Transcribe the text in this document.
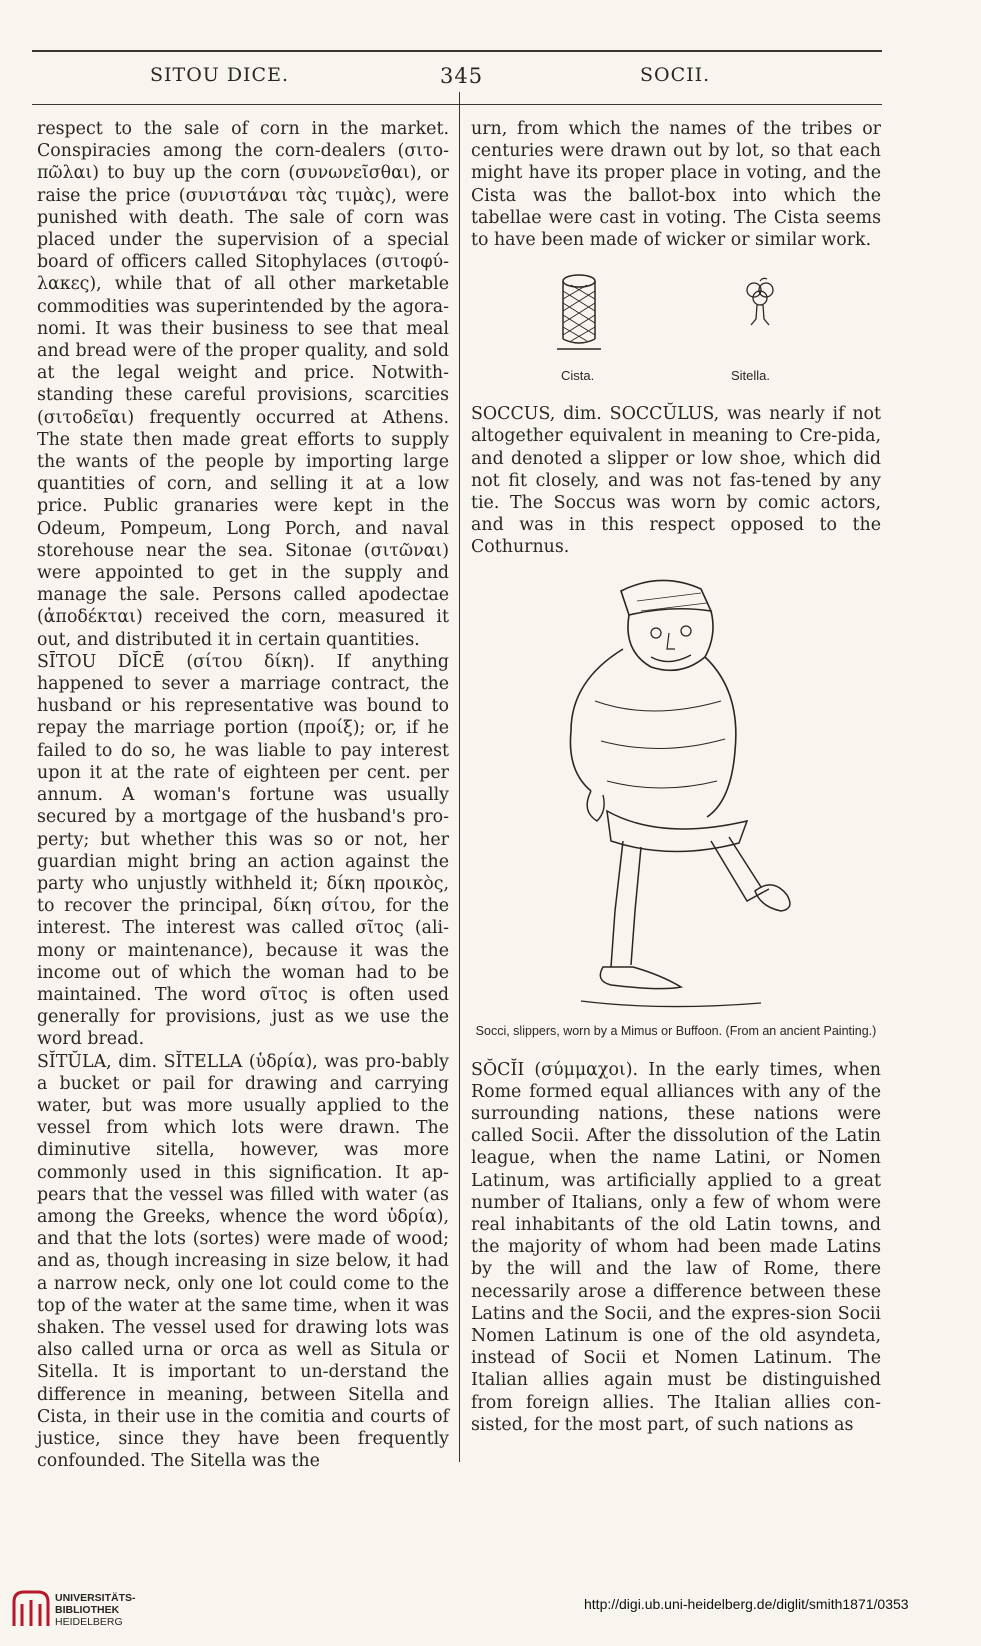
SITOU DICE.	345	SOCII.

respect to the sale of corn in the market. Conspiracies among the corn-dealers (σιτο-πῶλαι) to buy up the corn (συνωνεῖσθαι), or raise the price (συνιστάναι τὰς τιμὰς), were punished with death. The sale of corn was placed under the supervision of a special board of officers called Sitophylaces (σιτοφύ-λακες), while that of all other marketable commodities was superintended by the agora-nomi. It was their business to see that meal and bread were of the proper quality, and sold at the legal weight and price. Notwith-standing these careful provisions, scarcities (σιτοδεῖαι) frequently occurred at Athens. The state then made great efforts to supply the wants of the people by importing large quantities of corn, and selling it at a low price. Public granaries were kept in the Odeum, Pompeum, Long Porch, and naval storehouse near the sea. Sitonae (σιτῶναι) were appointed to get in the supply and manage the sale. Persons called apodectae (ἀποδέκται) received the corn, measured it out, and distributed it in certain quantities.

SĪTOU DĬCĒ (σίτου δίκη). If anything happened to sever a marriage contract, the husband or his representative was bound to repay the marriage portion (προίξ); or, if he failed to do so, he was liable to pay interest upon it at the rate of eighteen per cent. per annum. A woman's fortune was usually secured by a mortgage of the husband's pro-perty; but whether this was so or not, her guardian might bring an action against the party who unjustly withheld it; δίκη προικὸς, to recover the principal, δίκη σίτου, for the interest. The interest was called σῖτος (ali-mony or maintenance), because it was the income out of which the woman had to be maintained. The word σῖτος is often used generally for provisions, just as we use the word bread.

SĬTŬLA, dim. SĬTELLA (ὑδρία), was pro-bably a bucket or pail for drawing and carrying water, but was more usually applied to the vessel from which lots were drawn. The diminutive sitella, however, was more commonly used in this signification. It ap-pears that the vessel was filled with water (as among the Greeks, whence the word ὑδρία), and that the lots (sortes) were made of wood; and as, though increasing in size below, it had a narrow neck, only one lot could come to the top of the water at the same time, when it was shaken. The vessel used for drawing lots was also called urna or orca as well as Situla or Sitella. It is important to un-derstand the difference in meaning, between Sitella and Cista, in their use in the comitia and courts of justice, since they have been frequently confounded. The Sitella was the

urn, from which the names of the tribes or centuries were drawn out by lot, so that each might have its proper place in voting, and the Cista was the ballot-box into which the tabellae were cast in voting. The Cista seems to have been made of wicker or similar work.

Cista.	Sitella.

SOCCUS, dim. SOCCŬLUS, was nearly if not altogether equivalent in meaning to Cre-pida, and denoted a slipper or low shoe, which did not fit closely, and was not fas-tened by any tie. The Soccus was worn by comic actors, and was in this respect opposed to the Cothurnus.

Socci, slippers, worn by a Mimus or Buffoon. (From an ancient Painting.)

SŎCĬI (σύμμαχοι). In the early times, when Rome formed equal alliances with any of the surrounding nations, these nations were called Socii. After the dissolution of the Latin league, when the name Latini, or Nomen Latinum, was artificially applied to a great number of Italians, only a few of whom were real inhabitants of the old Latin towns, and the majority of whom had been made Latins by the will and the law of Rome, there necessarily arose a difference between these Latins and the Socii, and the expres-sion Socii Nomen Latinum is one of the old asyndeta, instead of Socii et Nomen Latinum. The Italian allies again must be distinguished from foreign allies. The Italian allies con-sisted, for the most part, of such nations as

UNIVERSITÄTS-
BIBLIOTHEK
HEIDELBERG
http://digi.ub.uni-heidelberg.de/diglit/smith1871/0353
